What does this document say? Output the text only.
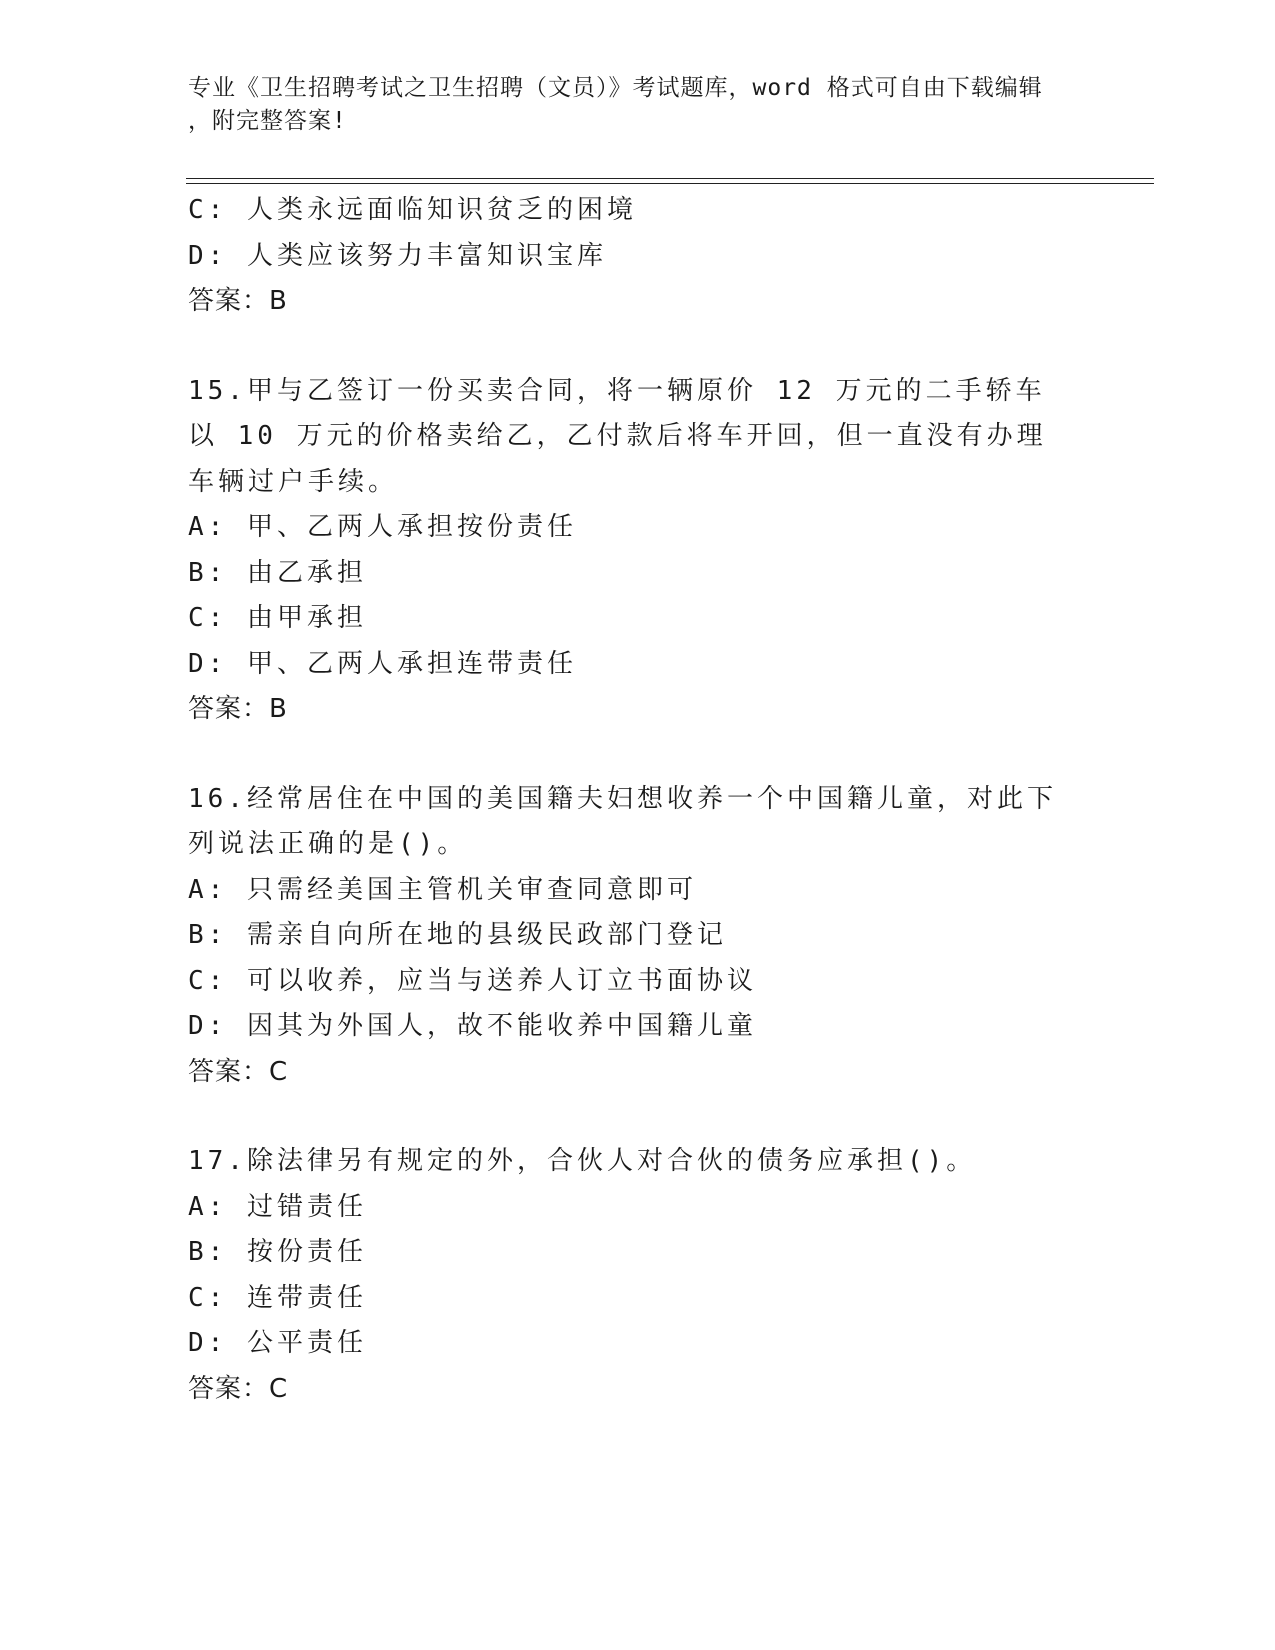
专业《卫生招聘考试之卫生招聘（文员）》考试题库，word 格式可自由下载编辑
，附完整答案!
C: 人类永远面临知识贫乏的困境
D: 人类应该努力丰富知识宝库
答案：B
15.甲与乙签订一份买卖合同，将一辆原价 12 万元的二手轿车以 10 万元的价格卖给乙，乙付款后将车开回，但一直没有办理车辆过户手续。
A: 甲、乙两人承担按份责任
B: 由乙承担
C: 由甲承担
D: 甲、乙两人承担连带责任
答案：B
16.经常居住在中国的美国籍夫妇想收养一个中国籍儿童，对此下列说法正确的是()。
A: 只需经美国主管机关审查同意即可
B: 需亲自向所在地的县级民政部门登记
C: 可以收养，应当与送养人订立书面协议
D: 因其为外国人，故不能收养中国籍儿童
答案：C
17.除法律另有规定的外，合伙人对合伙的债务应承担()。
A: 过错责任
B: 按份责任
C: 连带责任
D: 公平责任
答案：C
